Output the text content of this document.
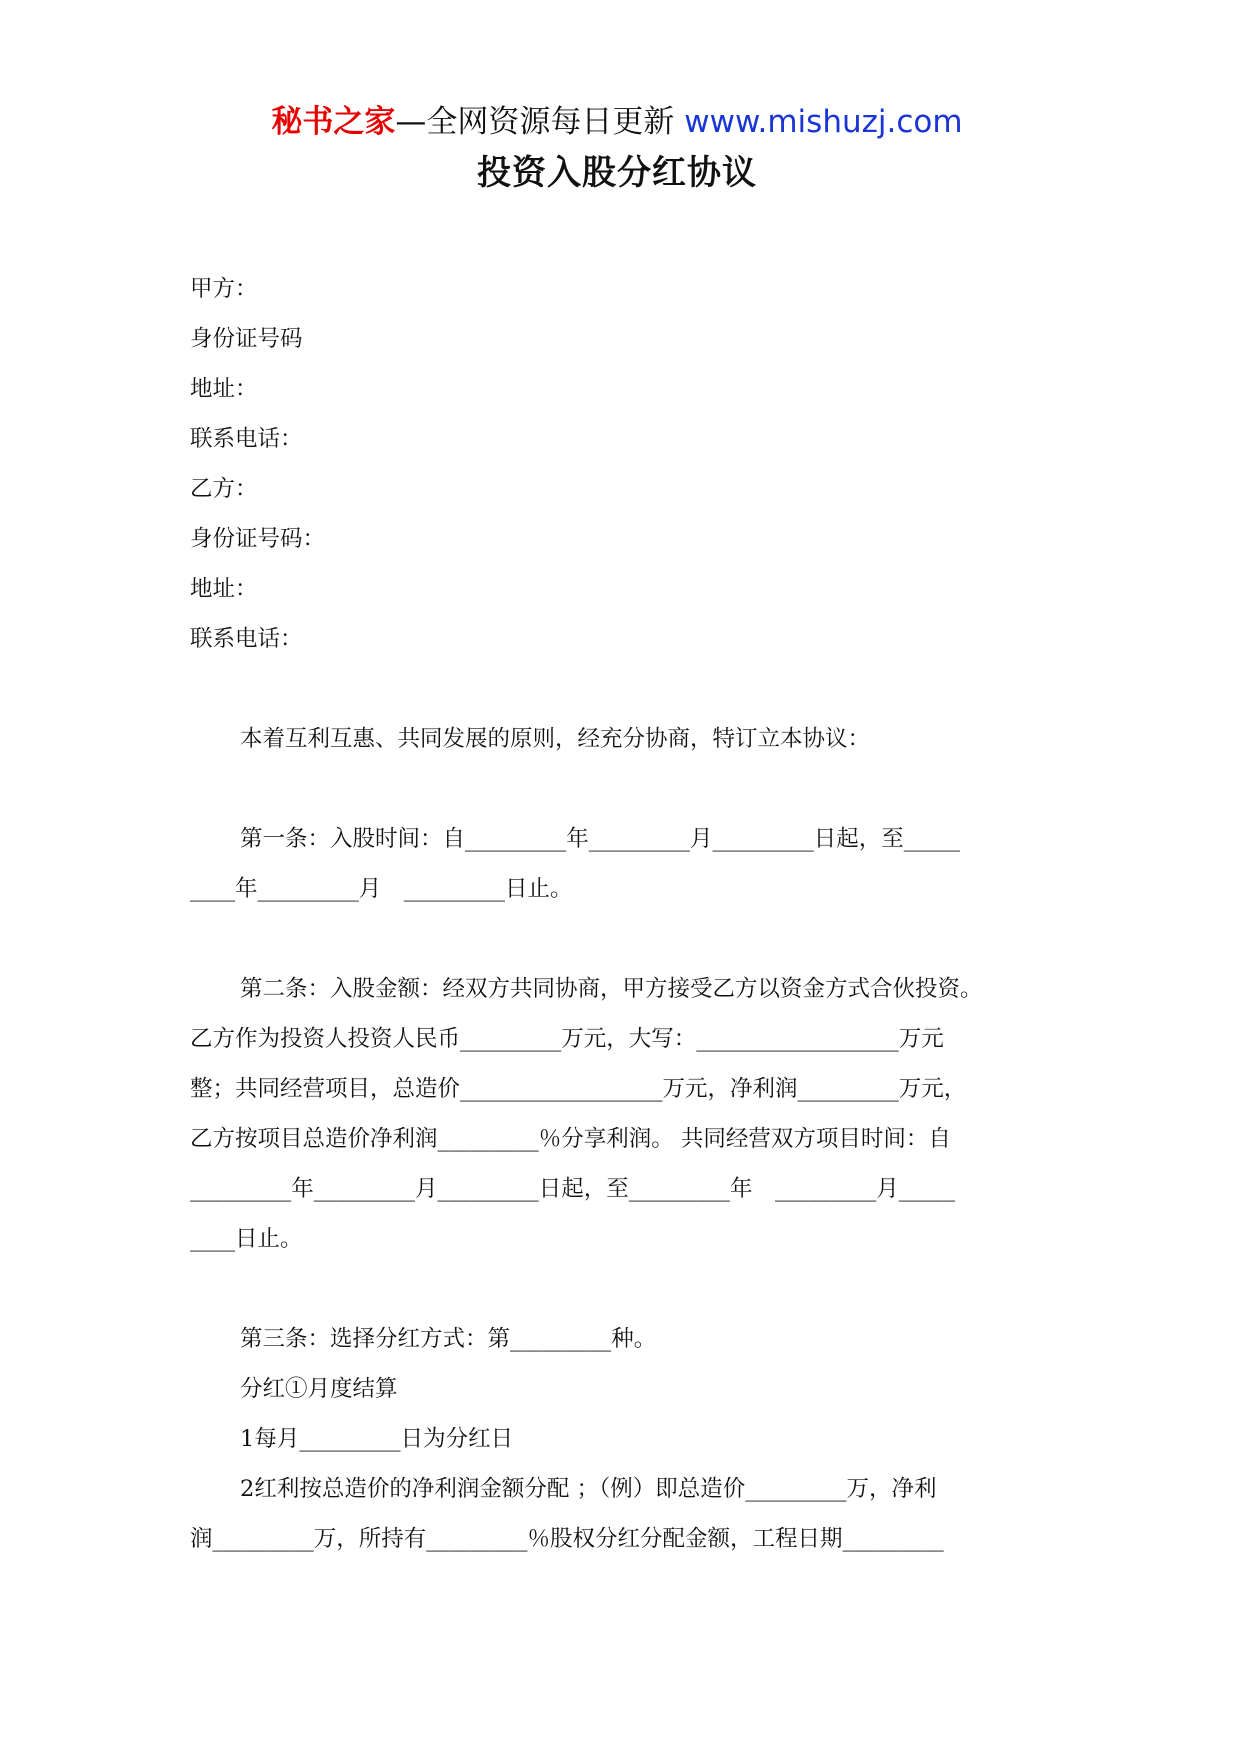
秘书之家—全网资源每日更新 www.mishuzj.com
投资入股分红协议
甲方：
身份证号码
地址：
联系电话：
乙方：
身份证号码：
地址：
联系电话：
本着互利互惠、共同发展的原则，经充分协商，特订立本协议：
第一条：入股时间：自_________年_________月_________日起，至_____
____年_________月　_________日止。
第二条：入股金额：经双方共同协商，甲方接受乙方以资金方式合伙投资。
乙方作为投资人投资人民币_________万元，大写：__________________万元
整；共同经营项目，总造价__________________万元，净利润_________万元，
乙方按项目总造价净利润_________％分享利润。 共同经营双方项目时间：自
_________年_________月_________日起，至_________年　_________月_____
____日止。
第三条：选择分红方式：第_________种。
分红①月度结算
1每月_________日为分红日
2红利按总造价的净利润金额分配 ；（例）即总造价_________万，净利
润_________万，所持有_________％股权分红分配金额，工程日期_________
